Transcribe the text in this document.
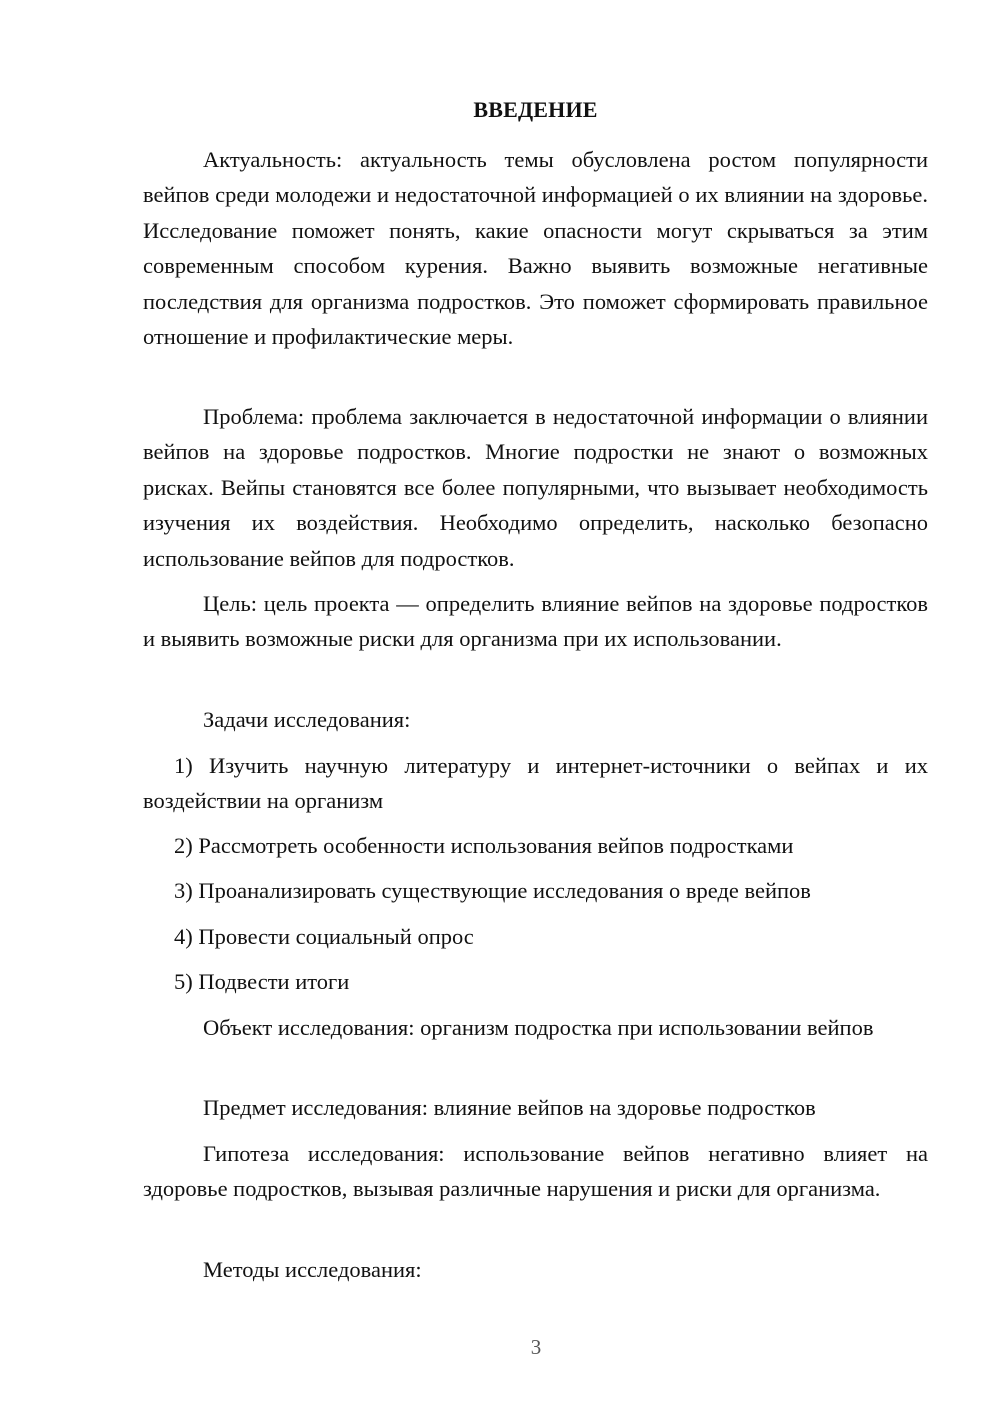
ВВЕДЕНИЕ

Актуальность: актуальность темы обусловлена ростом популярности вейпов среди молодежи и недостаточной информацией о их влиянии на здоровье. Исследование поможет понять, какие опасности могут скрываться за этим современным способом курения. Важно выявить возможные негативные последствия для организма подростков. Это поможет сформировать правильное отношение и профилактические меры.

Проблема: проблема заключается в недостаточной информации о влиянии вейпов на здоровье подростков. Многие подростки не знают о возможных рисках. Вейпы становятся все более популярными, что вызывает необходимость изучения их воздействия. Необходимо определить, насколько безопасно использование вейпов для подростков.

Цель: цель проекта — определить влияние вейпов на здоровье подростков и выявить возможные риски для организма при их использовании.

Задачи исследования:

1) Изучить научную литературу и интернет-источники о вейпах и их воздействии на организм

2) Рассмотреть особенности использования вейпов подростками

3) Проанализировать существующие исследования о вреде вейпов

4) Провести социальный опрос

5) Подвести итоги

Объект исследования: организм подростка при использовании вейпов

Предмет исследования: влияние вейпов на здоровье подростков

Гипотеза исследования: использование вейпов негативно влияет на здоровье подростков, вызывая различные нарушения и риски для организма.

Методы исследования:

3
